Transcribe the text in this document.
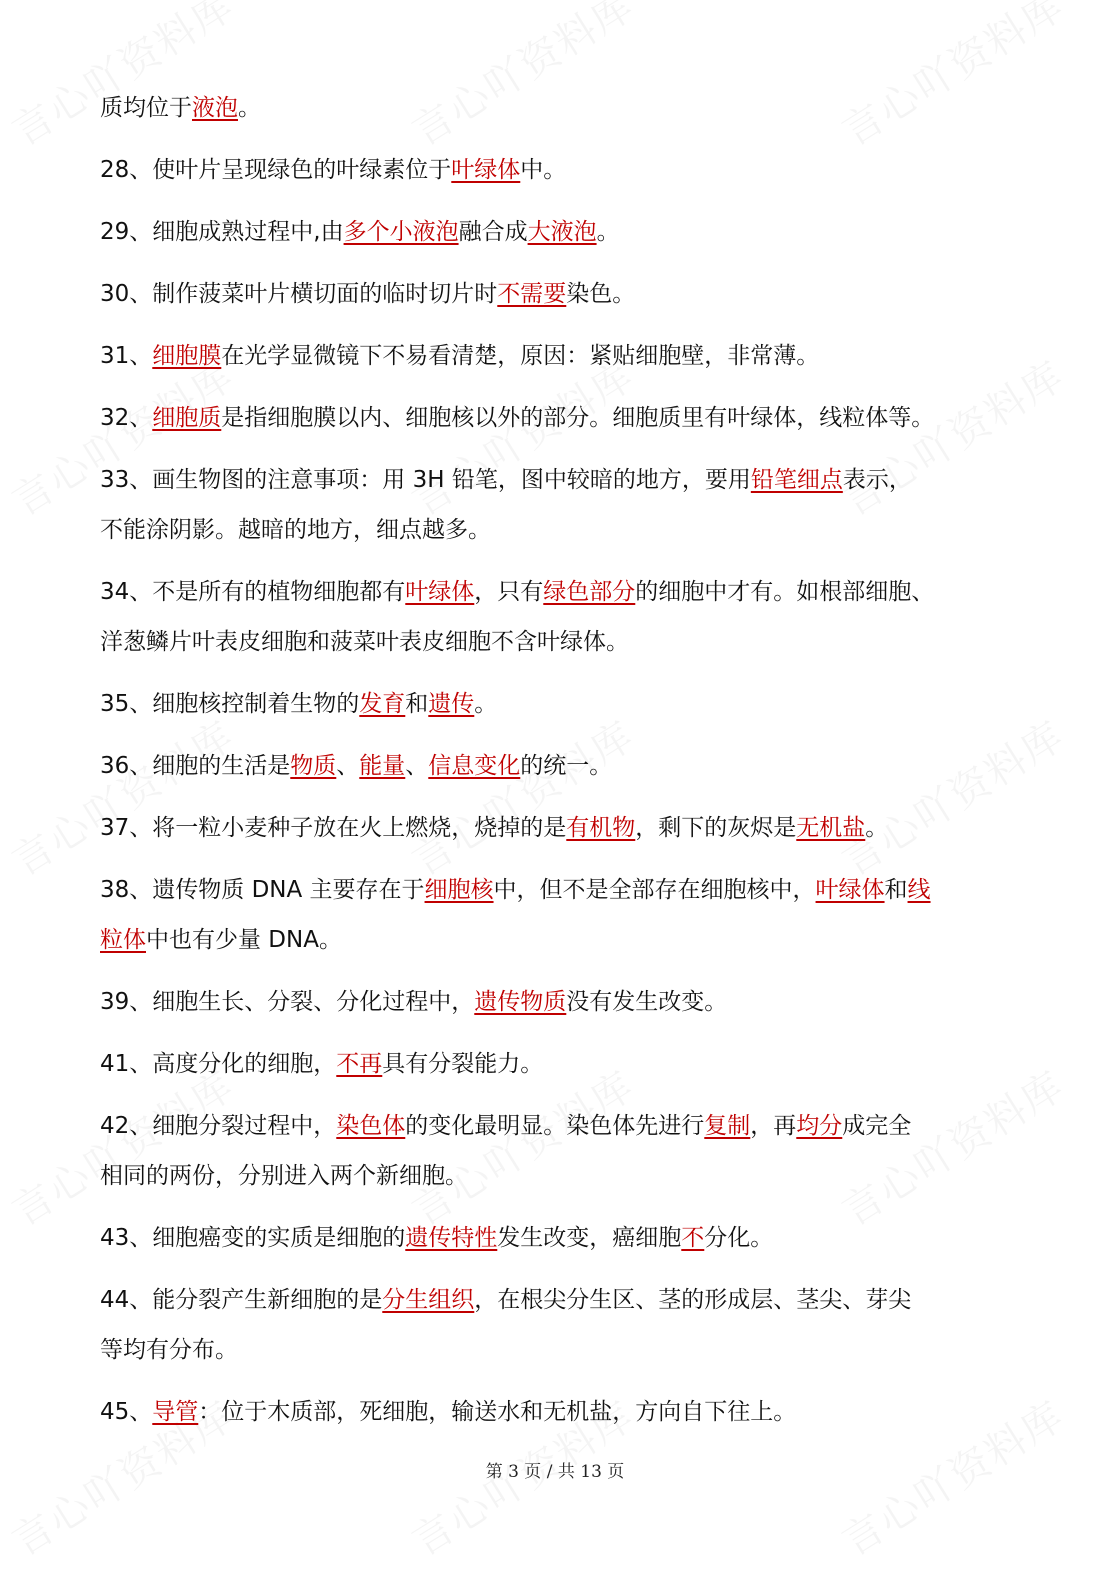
质均位于液泡。
28、使叶片呈现绿色的叶绿素位于叶绿体中。
29、细胞成熟过程中,由多个小液泡融合成大液泡。
30、制作菠菜叶片横切面的临时切片时不需要染色。
31、细胞膜在光学显微镜下不易看清楚，原因：紧贴细胞壁，非常薄。
32、细胞质是指细胞膜以内、细胞核以外的部分。细胞质里有叶绿体，线粒体等。
33、画生物图的注意事项：用 3H 铅笔，图中较暗的地方，要用铅笔细点表示，
不能涂阴影。越暗的地方，细点越多。
34、不是所有的植物细胞都有叶绿体，只有绿色部分的细胞中才有。如根部细胞、
洋葱鳞片叶表皮细胞和菠菜叶表皮细胞不含叶绿体。
35、细胞核控制着生物的发育和遗传。
36、细胞的生活是物质、能量、信息变化的统一。
37、将一粒小麦种子放在火上燃烧，烧掉的是有机物，剩下的灰烬是无机盐。
38、遗传物质 DNA 主要存在于细胞核中，但不是全部存在细胞核中，叶绿体和线
粒体中也有少量 DNA。
39、细胞生长、分裂、分化过程中，遗传物质没有发生改变。
41、高度分化的细胞，不再具有分裂能力。
42、细胞分裂过程中，染色体的变化最明显。染色体先进行复制，再均分成完全
相同的两份，分别进入两个新细胞。
43、细胞癌变的实质是细胞的遗传特性发生改变，癌细胞不分化。
44、能分裂产生新细胞的是分生组织，在根尖分生区、茎的形成层、茎尖、芽尖
等均有分布。
45、导管：位于木质部，死细胞，输送水和无机盐，方向自下往上。
第 3 页 / 共 13 页
